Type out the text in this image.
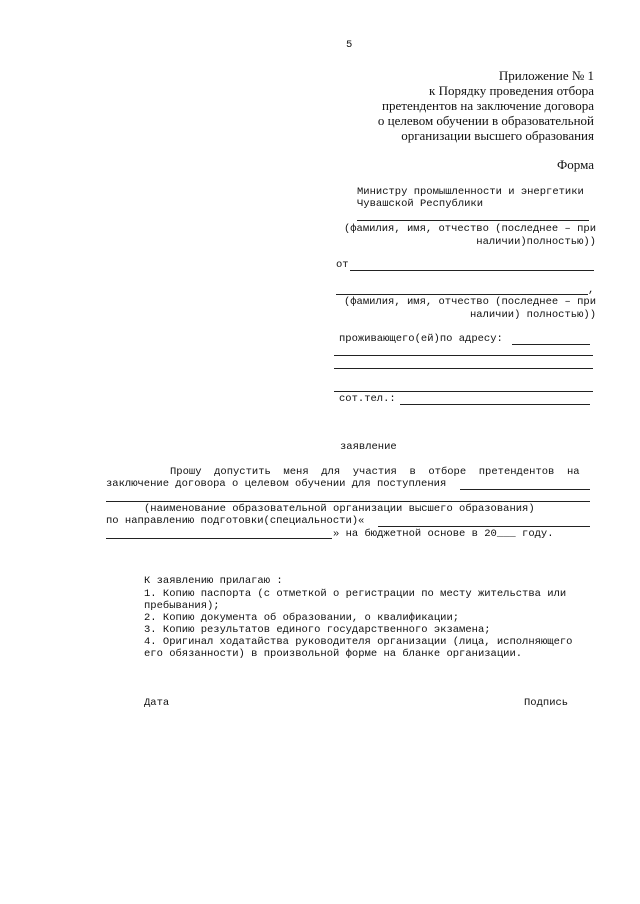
5
Приложение № 1
к Порядку проведения отбора
претендентов на заключение договора
о целевом обучении в образовательной
организации высшего образования
Форма
Министру промышленности и энергетики
Чувашской Республики
(фамилия, имя, отчество (последнее – при наличии)полностью))
от
,
(фамилия, имя, отчество (последнее – при наличии) полностью))
проживающего(ей)по адресу:
сот.тел.:
заявление
Прошу  допустить  меня  для  участия  в  отборе  претендентов  на
заключение договора о целевом обучении для поступления
(наименование образовательной организации высшего образования)
по направлению подготовки(специальности)«
» на бюджетной основе в 20___ году.
К заявлению прилагаю :
1. Копию паспорта (с отметкой о регистрации по месту жительства или
пребывания);
2. Копию документа об образовании, о квалификации;
3. Копию результатов единого государственного экзамена;
4. Оригинал ходатайства руководителя организации (лица, исполняющего
его обязанности) в произвольной форме на бланке организации.
Дата	Подпись
